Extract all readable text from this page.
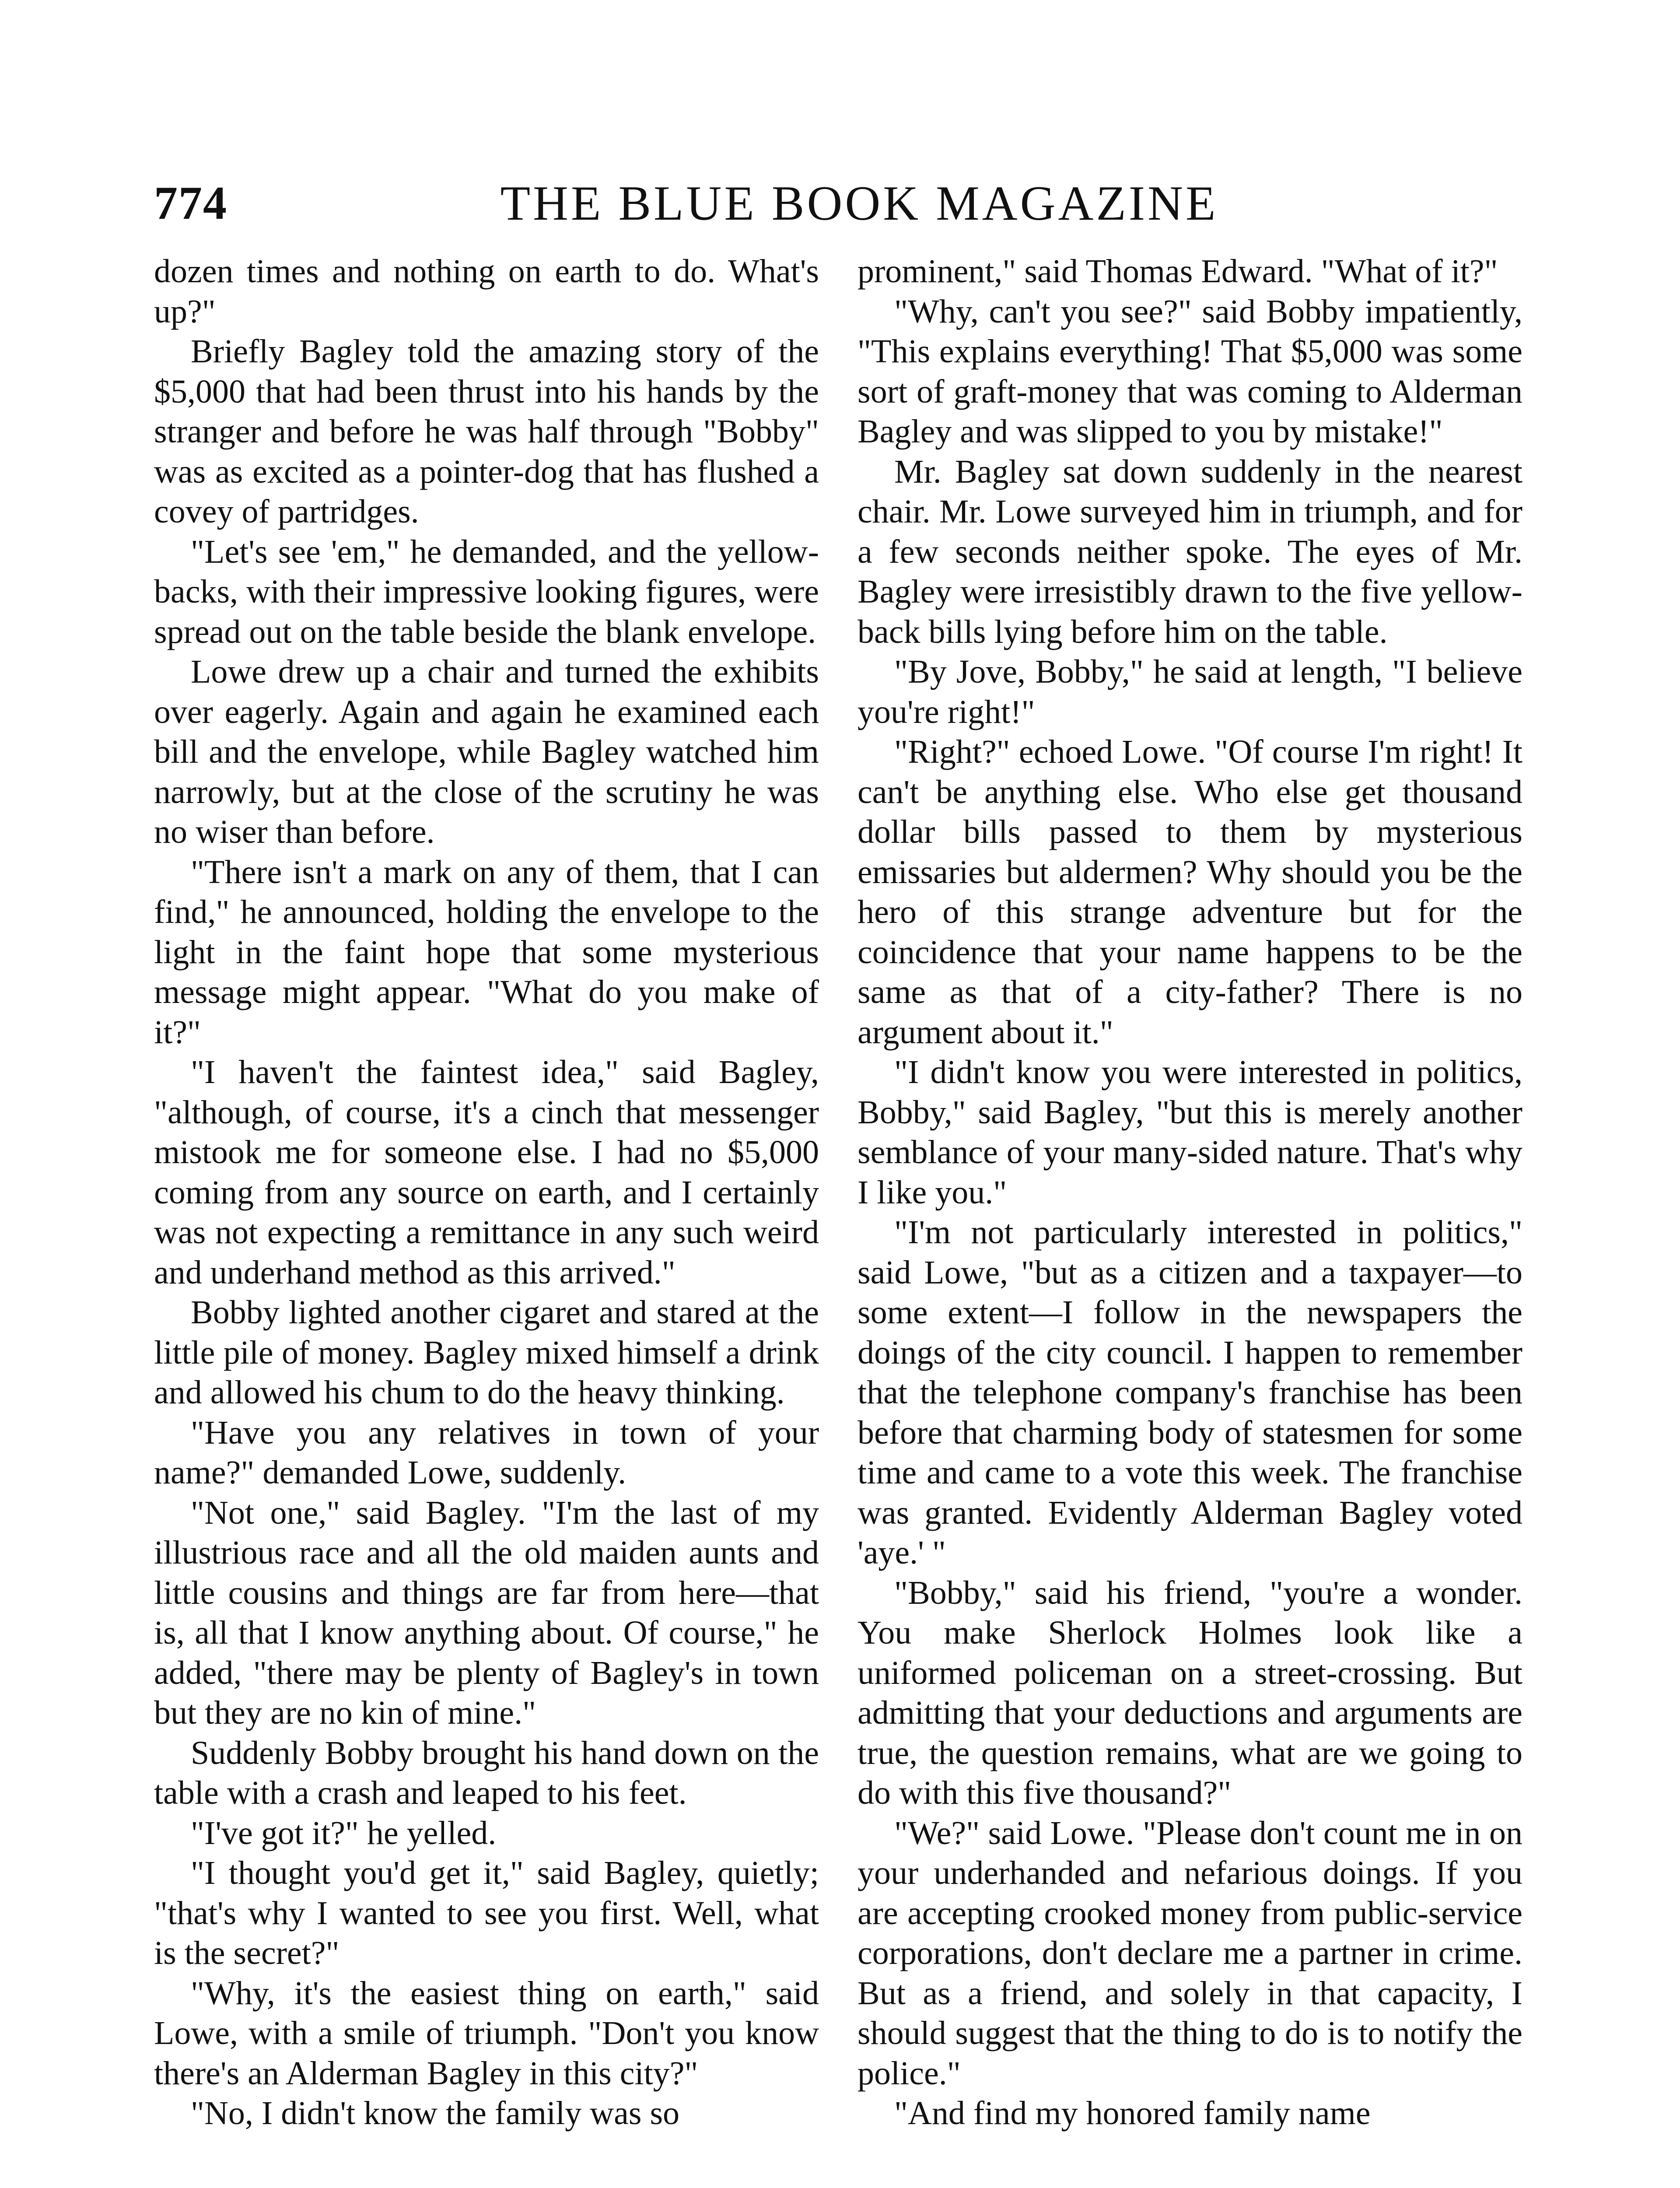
774	THE BLUE BOOK MAGAZINE

dozen times and nothing on earth to do. What's up?"

Briefly Bagley told the amazing story of the $5,000 that had been thrust into his hands by the stranger and before he was half through "Bobby" was as excited as a pointer-dog that has flushed a covey of partridges.

"Let's see 'em," he demanded, and the yellow-backs, with their impressive looking figures, were spread out on the table beside the blank envelope.

Lowe drew up a chair and turned the exhibits over eagerly. Again and again he examined each bill and the envelope, while Bagley watched him narrowly, but at the close of the scrutiny he was no wiser than before.

"There isn't a mark on any of them, that I can find," he announced, holding the envelope to the light in the faint hope that some mysterious message might appear. "What do you make of it?"

"I haven't the faintest idea," said Bagley, "although, of course, it's a cinch that messenger mistook me for someone else. I had no $5,000 coming from any source on earth, and I certainly was not expecting a remittance in any such weird and underhand method as this arrived."

Bobby lighted another cigaret and stared at the little pile of money. Bagley mixed himself a drink and allowed his chum to do the heavy thinking.

"Have you any relatives in town of your name?" demanded Lowe, suddenly.

"Not one," said Bagley. "I'm the last of my illustrious race and all the old maiden aunts and little cousins and things are far from here—that is, all that I know anything about. Of course," he added, "there may be plenty of Bagley's in town but they are no kin of mine."

Suddenly Bobby brought his hand down on the table with a crash and leaped to his feet.

"I've got it?" he yelled.

"I thought you'd get it," said Bagley, quietly; "that's why I wanted to see you first. Well, what is the secret?"

"Why, it's the easiest thing on earth," said Lowe, with a smile of triumph. "Don't you know there's an Alderman Bagley in this city?"

"No, I didn't know the family was so

prominent," said Thomas Edward. "What of it?"

"Why, can't you see?" said Bobby impatiently, "This explains everything! That $5,000 was some sort of graft-money that was coming to Alderman Bagley and was slipped to you by mistake!"

Mr. Bagley sat down suddenly in the nearest chair. Mr. Lowe surveyed him in triumph, and for a few seconds neither spoke. The eyes of Mr. Bagley were irresistibly drawn to the five yellow-back bills lying before him on the table.

"By Jove, Bobby," he said at length, "I believe you're right!"

"Right?" echoed Lowe. "Of course I'm right! It can't be anything else. Who else get thousand dollar bills passed to them by mysterious emissaries but aldermen? Why should you be the hero of this strange adventure but for the coincidence that your name happens to be the same as that of a city-father? There is no argument about it."

"I didn't know you were interested in politics, Bobby," said Bagley, "but this is merely another semblance of your many-sided nature. That's why I like you."

"I'm not particularly interested in politics," said Lowe, "but as a citizen and a taxpayer—to some extent—I follow in the newspapers the doings of the city council. I happen to remember that the telephone company's franchise has been before that charming body of statesmen for some time and came to a vote this week. The franchise was granted. Evidently Alderman Bagley voted 'aye.' "

"Bobby," said his friend, "you're a wonder. You make Sherlock Holmes look like a uniformed policeman on a street-crossing. But admitting that your deductions and arguments are true, the question remains, what are we going to do with this five thousand?"

"We?" said Lowe. "Please don't count me in on your underhanded and nefarious doings. If you are accepting crooked money from public-service corporations, don't declare me a partner in crime. But as a friend, and solely in that capacity, I should suggest that the thing to do is to notify the police."

"And find my honored family name
